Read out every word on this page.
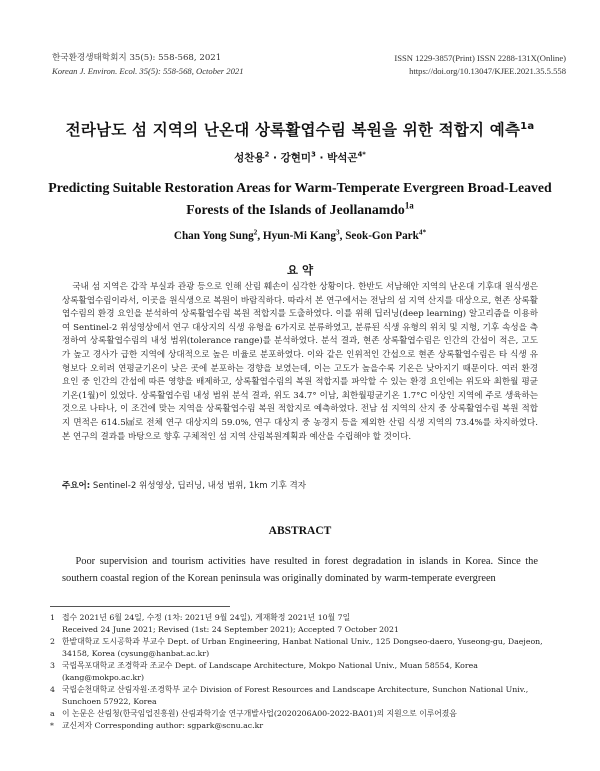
한국환경생태학회지 35(5): 558-568, 2021
Korean J. Environ. Ecol. 35(5): 558-568, October 2021
ISSN 1229-3857(Print) ISSN 2288-131X(Online)
https://doi.org/10.13047/KJEE.2021.35.5.558
전라남도 섬 지역의 난온대 상록활엽수림 복원을 위한 적합지 예측$^{1a}$
성찬용$^2$ · 강현미$^3$ · 박석곤$^{4*}$
Predicting Suitable Restoration Areas for Warm-Temperate Evergreen Broad-Leaved Forests of the Islands of Jeollanamdo$^{1a}$
Chan Yong Sung$^2$, Hyun-Mi Kang$^3$, Seok-Gon Park$^{4*}$
요 약
국내 섬 지역은 갑작 부실과 관광 등으로 인해 산림 훼손이 심각한 상황이다. 한반도 서남해안 지역의 난온대 기후대 원식생은 상록활엽수림이라서, 이곳을 원식생으로 복원이 바람직하다. 따라서 본 연구에서는 전남의 섬 지역 산지를 대상으로, 현존 상록활엽수림의 환경 요인을 분석하여 상록활엽수림 복원 적합지를 도출하였다. 이를 위해 딥러닝(deep learning) 알고리즘을 이용하여 Sentinel-2 위성영상에서 연구 대상지의 식생 유형을 6가지로 분류하였고, 분류된 식생 유형의 위치 및 지형, 기후 속성을 측정하여 상록활엽수림의 내성 범위(tolerance range)를 분석하였다. 분석 결과, 현존 상록활엽수림은 인간의 간섭이 적은, 고도가 높고 경사가 급한 지역에 상대적으로 높은 비율로 분포하였다. 이와 같은 인위적인 간섭으로 현존 상록활엽수림은 타 식생 유형보다 오히려 연평균기온이 낮은 곳에 분포하는 경향을 보였는데, 이는 고도가 높을수록 기온은 낮아지기 때문이다. 여러 환경 요인 중 인간의 간섭에 따른 영향을 배제하고, 상록활엽수림의 복원 적합지를 파악할 수 있는 환경 요인에는 위도와 최한월 평균기온(1월)이 있었다. 상록활엽수림 내성 범위 분석 결과, 위도 34.7° 이남, 최한월평균기온 1.7°C 이상인 지역에 주로 생육하는 것으로 나타나, 이 조건에 맞는 지역을 상록활엽수림 복원 적합지로 예측하였다. 전남 섬 지역의 산지 중 상록활엽수림 복원 적합지 면적은 614.5㎢로 전체 연구 대상지의 59.0%, 연구 대상지 중 농경지 등을 제외한 산림 식생 지역의 73.4%를 차지하였다. 본 연구의 결과를 바탕으로 향후 구체적인 섬 지역 산림복원계획과 예산을 수립해야 할 것이다.
주요어: Sentinel-2 위성영상, 딥러닝, 내성 범위, 1km 기후 격자
ABSTRACT
Poor supervision and tourism activities have resulted in forest degradation in islands in Korea. Since the southern coastal region of the Korean peninsula was originally dominated by warm-temperate evergreen
1 접수 2021년 6월 24일, 수정 (1차: 2021년 9월 24일), 게재확정 2021년 10월 7일
Received 24 June 2021; Revised (1st: 24 September 2021); Accepted 7 October 2021
2 한밭대학교 도시공학과 부교수 Dept. of Urban Engineering, Hanbat National Univ., 125 Dongseo-daero, Yuseong-gu, Daejeon, 34158, Korea (cysung@hanbat.ac.kr)
3 국립목포대학교 조경학과 조교수 Dept. of Landscape Architecture, Mokpo National Univ., Muan 58554, Korea (kang@mokpo.ac.kr)
4 국립순천대학교 산림자원·조경학부 교수 Division of Forest Resources and Landscape Architecture, Sunchon National Univ., Sunchoen 57922, Korea
a 이 논문은 산림청(한국임업진흥원) 산림과학기술 연구개발사업(2020206A00-2022-BA01)의 지원으로 이루어졌음
*	교신저자 Corresponding author: sgpark@scnu.ac.kr
